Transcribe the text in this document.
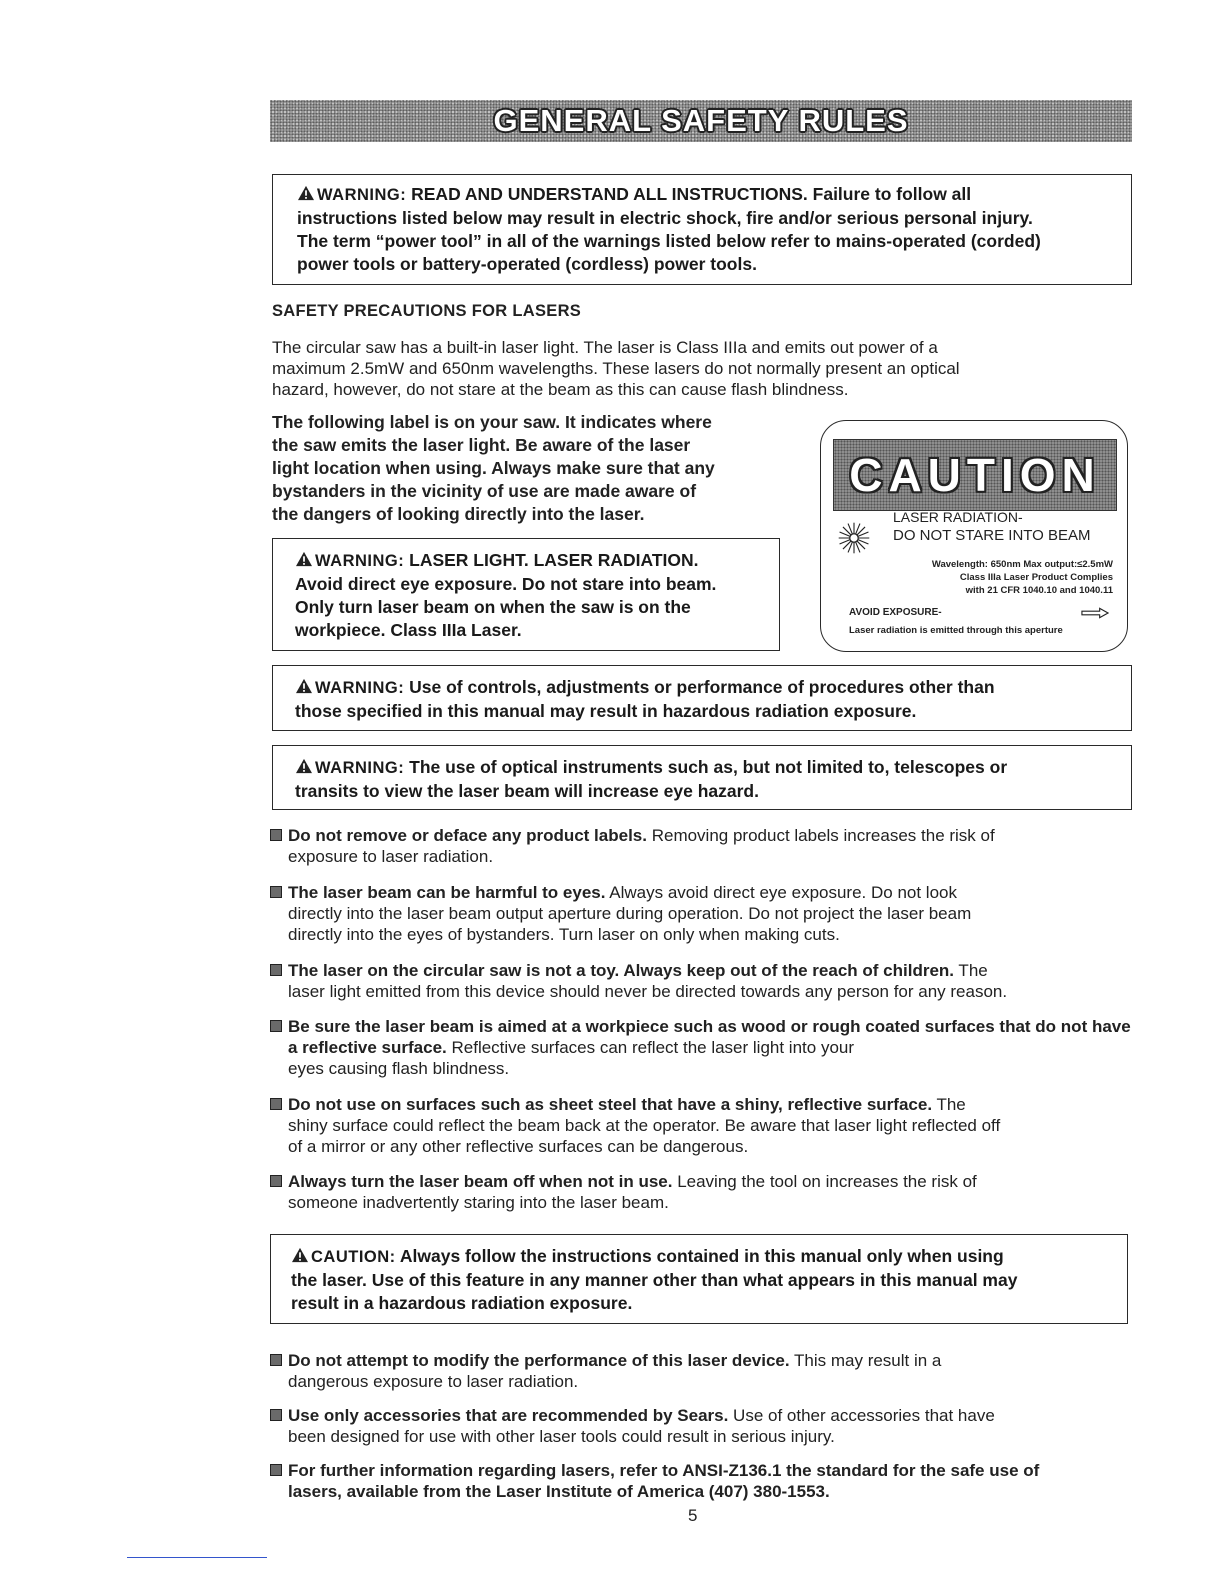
GENERAL SAFETY RULES
WARNING: READ AND UNDERSTAND ALL INSTRUCTIONS. Failure to follow all
instructions listed below may result in electric shock, fire and/or serious personal injury.
The term “power tool” in all of the warnings listed below refer to mains-operated (corded)
power tools or battery-operated (cordless) power tools.
SAFETY PRECAUTIONS FOR LASERS
The circular saw has a built-in laser light. The laser is Class IIIa and emits out power of a
maximum 2.5mW and 650nm wavelengths. These lasers do not normally present an optical
hazard, however, do not stare at the beam as this can cause flash blindness.
The following label is on your saw. It indicates where
the saw emits the laser light. Be aware of the laser
light location when using. Always make sure that any
bystanders in the vicinity of use are made aware of
the dangers of looking directly into the laser.
WARNING: LASER LIGHT. LASER RADIATION.
Avoid direct eye exposure. Do not stare into beam.
Only turn laser beam on when the saw is on the
workpiece. Class IIIa Laser.
CAUTION
LASER RADIATION-
DO NOT STARE INTO BEAM
Wavelength: 650nm Max output:≤2.5mW
Class IIIa Laser Product Complies
with 21 CFR 1040.10 and 1040.11
AVOID EXPOSURE-
Laser radiation is emitted through this aperture
WARNING: Use of controls, adjustments or performance of procedures other than
those specified in this manual may result in hazardous radiation exposure.
WARNING: The use of optical instruments such as, but not limited to, telescopes or
transits to view the laser beam will increase eye hazard.
Do not remove or deface any product labels. Removing product labels increases the risk of
exposure to laser radiation.
The laser beam can be harmful to eyes. Always avoid direct eye exposure. Do not look
directly into the laser beam output aperture during operation. Do not project the laser beam
directly into the eyes of bystanders. Turn laser on only when making cuts.
The laser on the circular saw is not a toy. Always keep out of the reach of children. The
laser light emitted from this device should never be directed towards any person for any reason.
Be sure the laser beam is aimed at a workpiece such as wood or rough coated surfaces that do not have a reflective surface. Reflective surfaces can reflect the laser light into your
eyes causing flash blindness.
Do not use on surfaces such as sheet steel that have a shiny, reflective surface. The
shiny surface could reflect the beam back at the operator. Be aware that laser light reflected off
of a mirror or any other reflective surfaces can be dangerous.
Always turn the laser beam off when not in use. Leaving the tool on increases the risk of
someone inadvertently staring into the laser beam.
CAUTION: Always follow the instructions contained in this manual only when using
the laser. Use of this feature in any manner other than what appears in this manual may
result in a hazardous radiation exposure.
Do not attempt to modify the performance of this laser device. This may result in a
dangerous exposure to laser radiation.
Use only accessories that are recommended by Sears. Use of other accessories that have
been designed for use with other laser tools could result in serious injury.
For further information regarding lasers, refer to ANSI-Z136.1 the standard for the safe use of lasers, available from the Laser Institute of America (407) 380-1553.
5
